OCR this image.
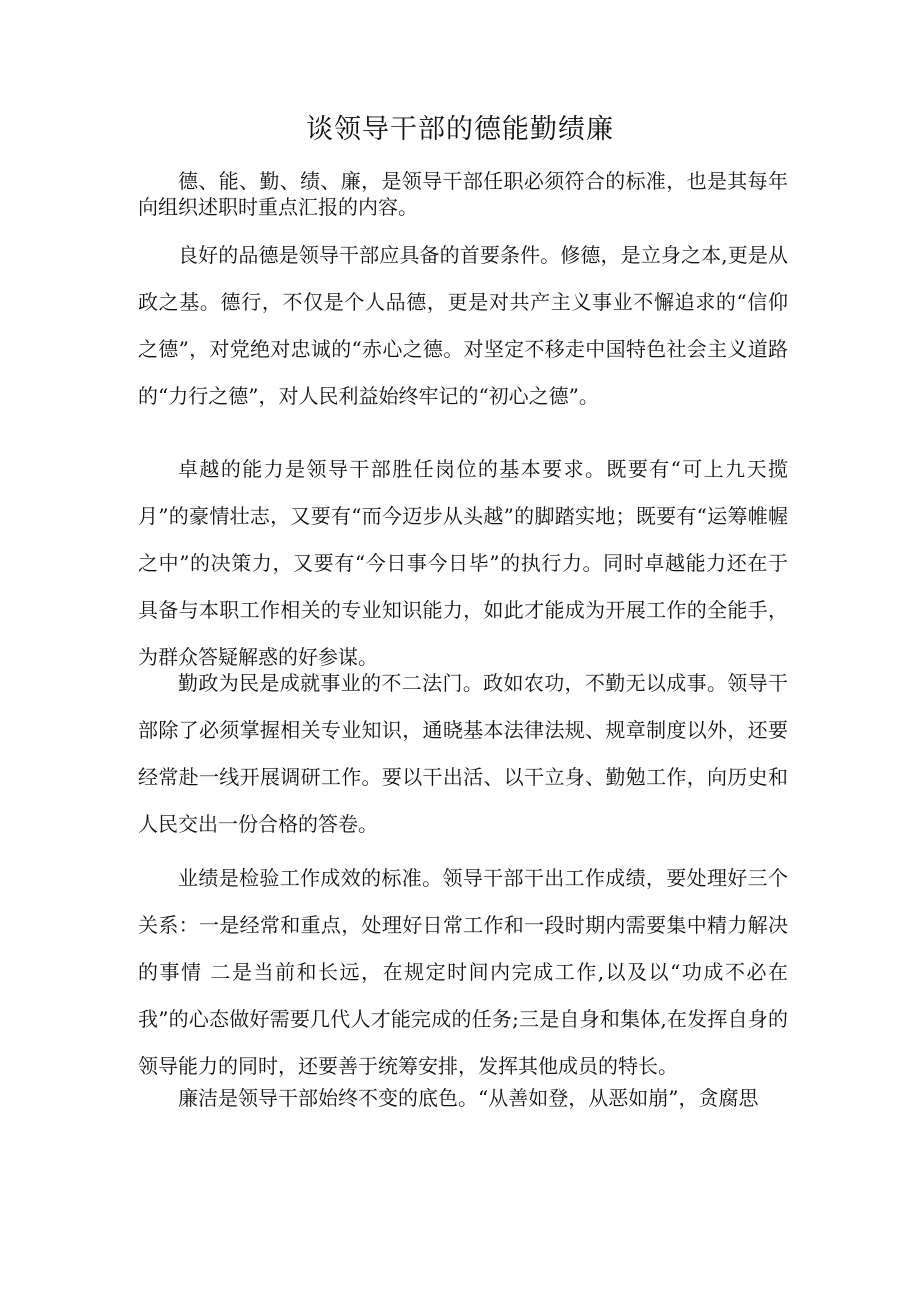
谈领导干部的德能勤绩廉

德、能、勤、绩、廉，是领导干部任职必须符合的标准，也是其每年向组织述职时重点汇报的内容。

良好的品德是领导干部应具备的首要条件。修德，是立身之本,更是从政之基。德行，不仅是个人品德，更是对共产主义事业不懈追求的“信仰之德”，对党绝对忠诚的“赤心之德。对坚定不移走中国特色社会主义道路的“力行之德”，对人民利益始终牢记的“初心之德”。

卓越的能力是领导干部胜任岗位的基本要求。既要有“可上九天揽月”的豪情壮志，又要有“而今迈步从头越”的脚踏实地；既要有“运筹帷幄之中”的决策力，又要有“今日事今日毕”的执行力。同时卓越能力还在于具备与本职工作相关的专业知识能力，如此才能成为开展工作的全能手，为群众答疑解惑的好参谋。

勤政为民是成就事业的不二法门。政如农功，不勤无以成事。领导干部除了必须掌握相关专业知识，通晓基本法律法规、规章制度以外，还要经常赴一线开展调研工作。要以干出活、以干立身、勤勉工作，向历史和人民交出一份合格的答卷。

业绩是检验工作成效的标准。领导干部干出工作成绩，要处理好三个关系：一是经常和重点，处理好日常工作和一段时期内需要集中精力解决的事情 二是当前和长远，在规定时间内完成工作,以及以“功成不必在我”的心态做好需要几代人才能完成的任务;三是自身和集体,在发挥自身的领导能力的同时，还要善于统筹安排，发挥其他成员的特长。

廉洁是领导干部始终不变的底色。“从善如登，从恶如崩”，贪腐思
